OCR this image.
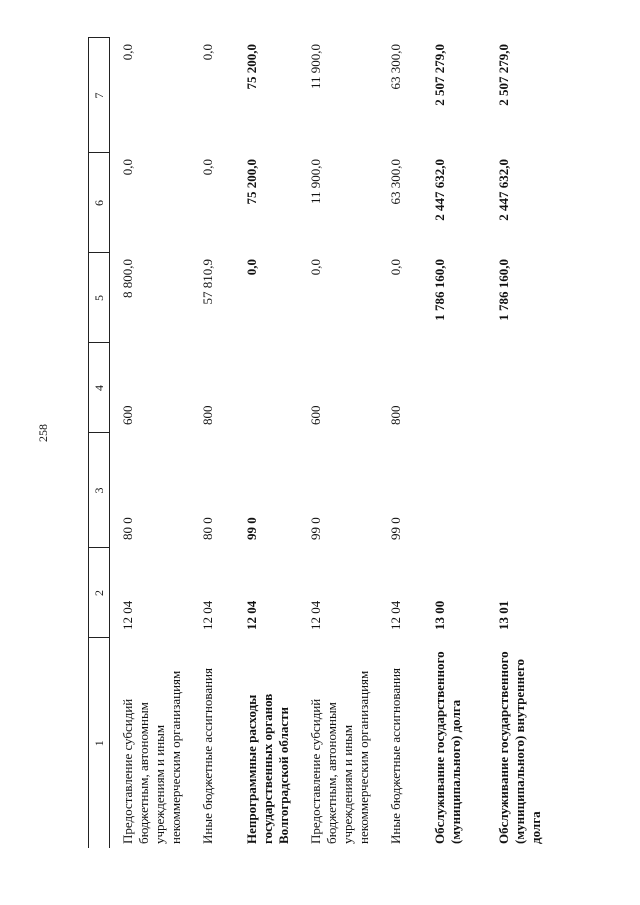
258
1	2	3	4	5	6	7
Предоставление субсидий бюджетным, автономным учреждениям и иным некоммерческим организациям	12 04	80 0	600	8 800,0	0,0	0,0
Иные бюджетные ассигнования	12 04	80 0	800	57 810,9	0,0	0,0
Непрограммные расходы государственных органов Волгоградской области	12 04	99 0		0,0	75 200,0	75 200,0
Предоставление субсидий бюджетным, автономным учреждениям и иным некоммерческим организациям	12 04	99 0	600	0,0	11 900,0	11 900,0
Иные бюджетные ассигнования	12 04	99 0	800	0,0	63 300,0	63 300,0
Обслуживание государственного (муниципального) долга	13 00			1 786 160,0	2 447 632,0	2 507 279,0
Обслуживание государственного (муниципального) внутреннего долга	13 01			1 786 160,0	2 447 632,0	2 507 279,0
